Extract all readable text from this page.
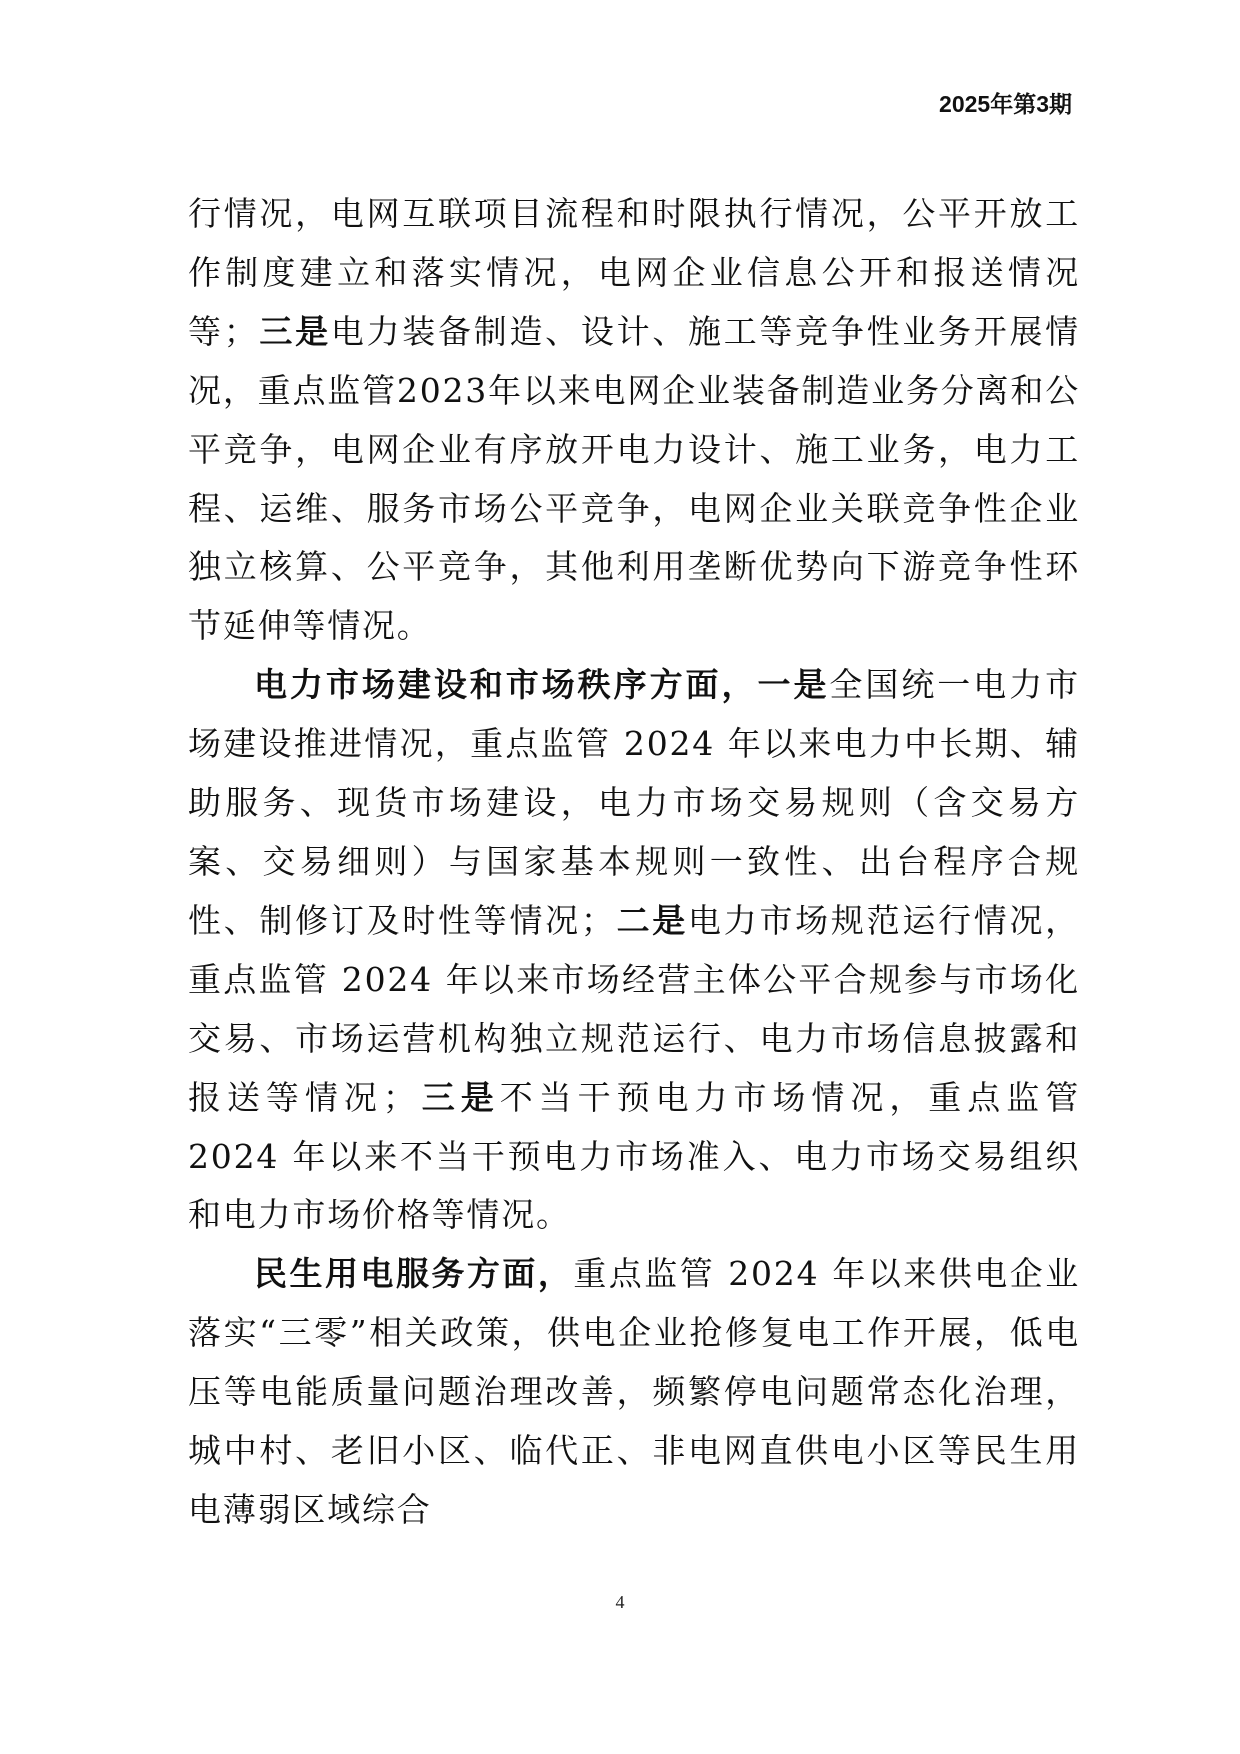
2025年第3期

行情况，电网互联项目流程和时限执行情况，公平开放工作制度建立和落实情况，电网企业信息公开和报送情况等；三是电力装备制造、设计、施工等竞争性业务开展情况，重点监管2023年以来电网企业装备制造业务分离和公平竞争，电网企业有序放开电力设计、施工业务，电力工程、运维、服务市场公平竞争，电网企业关联竞争性企业独立核算、公平竞争，其他利用垄断优势向下游竞争性环节延伸等情况。

电力市场建设和市场秩序方面，一是全国统一电力市场建设推进情况，重点监管 2024 年以来电力中长期、辅助服务、现货市场建设，电力市场交易规则（含交易方案、交易细则）与国家基本规则一致性、出台程序合规性、制修订及时性等情况；二是电力市场规范运行情况，重点监管 2024 年以来市场经营主体公平合规参与市场化交易、市场运营机构独立规范运行、电力市场信息披露和报送等情况；三是不当干预电力市场情况，重点监管 2024 年以来不当干预电力市场准入、电力市场交易组织和电力市场价格等情况。

民生用电服务方面，重点监管 2024 年以来供电企业落实“三零”相关政策，供电企业抢修复电工作开展，低电压等电能质量问题治理改善，频繁停电问题常态化治理，城中村、老旧小区、临代正、非电网直供电小区等民生用电薄弱区域综合

4
